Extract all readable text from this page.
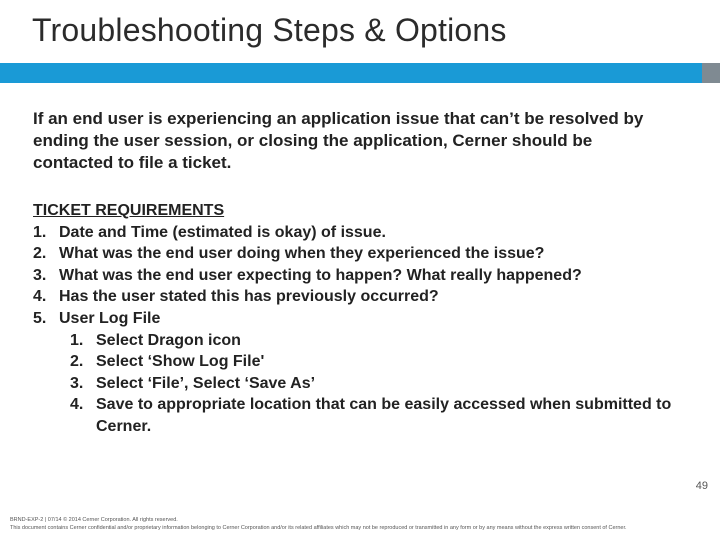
Troubleshooting Steps & Options
If an end user is experiencing an application issue that can’t be resolved by ending the user session, or closing the application, Cerner should be contacted to file a ticket.
TICKET REQUIREMENTS
1. Date and Time (estimated is okay) of issue.
2. What was the end user doing when they experienced the issue?
3. What was the end user expecting to happen? What really happened?
4. Has the user stated this has previously occurred?
5. User Log File
1. Select Dragon icon
2. Select ‘Show Log File'
3. Select ‘File’, Select ‘Save As’
4. Save to appropriate location that can be easily accessed when submitted to Cerner.
49
BRND-EXP-2 | 07/14 © 2014 Cerner Corporation. All rights reserved.
This document contains Cerner confidential and/or proprietary information belonging to Cerner Corporation and/or its related affiliates which may not be reproduced or transmitted in any form or by any means without the express written consent of Cerner.
